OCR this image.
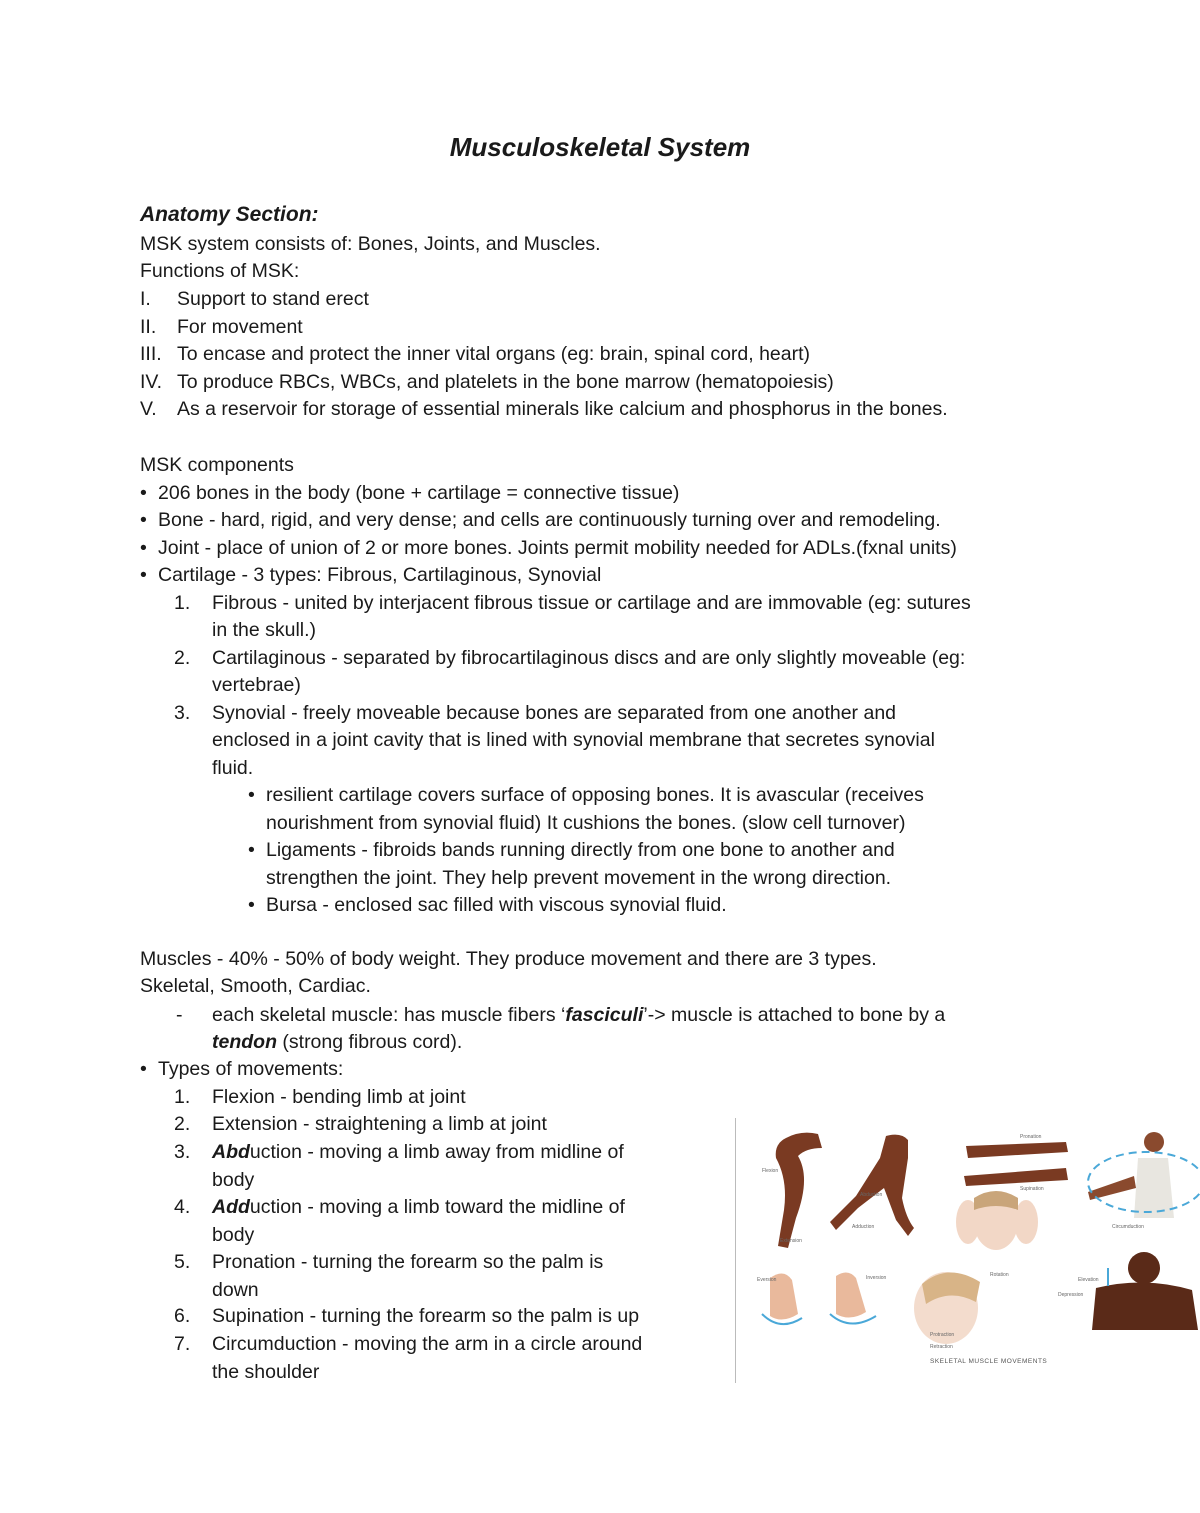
Musculoskeletal System
Anatomy Section:
MSK system consists of: Bones, Joints, and Muscles.
Functions of MSK:
I. Support to stand erect
II. For movement
III. To encase and protect the inner vital organs (eg: brain, spinal cord, heart)
IV. To produce RBCs, WBCs, and platelets in the bone marrow (hematopoiesis)
V. As a reservoir for storage of essential minerals like calcium and phosphorus in the bones.
MSK components
• 206 bones in the body (bone + cartilage = connective tissue)
• Bone - hard, rigid, and very dense; and cells are continuously turning over and remodeling.
• Joint - place of union of 2 or more bones. Joints permit mobility needed for ADLs.(fxnal units)
• Cartilage - 3 types: Fibrous, Cartilaginous, Synovial
1. Fibrous - united by interjacent fibrous tissue or cartilage and are immovable (eg: sutures
in the skull.)
2. Cartilaginous - separated by fibrocartilaginous discs and are only slightly moveable (eg:
vertebrae)
3. Synovial - freely moveable because bones are separated from one another and
enclosed in a joint cavity that is lined with synovial membrane that secretes synovial
fluid.
• resilient cartilage covers surface of opposing bones. It is avascular (receives
nourishment from synovial fluid) It cushions the bones. (slow cell turnover)
• Ligaments - fibroids bands running directly from one bone to another and
strengthen the joint. They help prevent movement in the wrong direction.
• Bursa - enclosed sac filled with viscous synovial fluid.
Muscles - 40% - 50% of body weight. They produce movement and there are 3 types.
Skeletal, Smooth, Cardiac.
- each skeletal muscle: has muscle fibers ‘fasciculi’-> muscle is attached to bone by a
tendon (strong fibrous cord).
• Types of movements:
1. Flexion - bending limb at joint
2. Extension - straightening a limb at joint
3. Abduction - moving a limb away from midline of
body
4. Adduction - moving a limb toward the midline of
body
5. Pronation - turning the forearm so the palm is
down
6. Supination - turning the forearm so the palm is up
7. Circumduction - moving the arm in a circle around
the shoulder	SKELETAL MUSCLE MOVEMENTS
Flexion
Extension
Abduction
Adduction
Pronation
Supination
Circumduction
Rotation
Eversion	Inversion
Protraction
Retraction
Elevation
Depression
